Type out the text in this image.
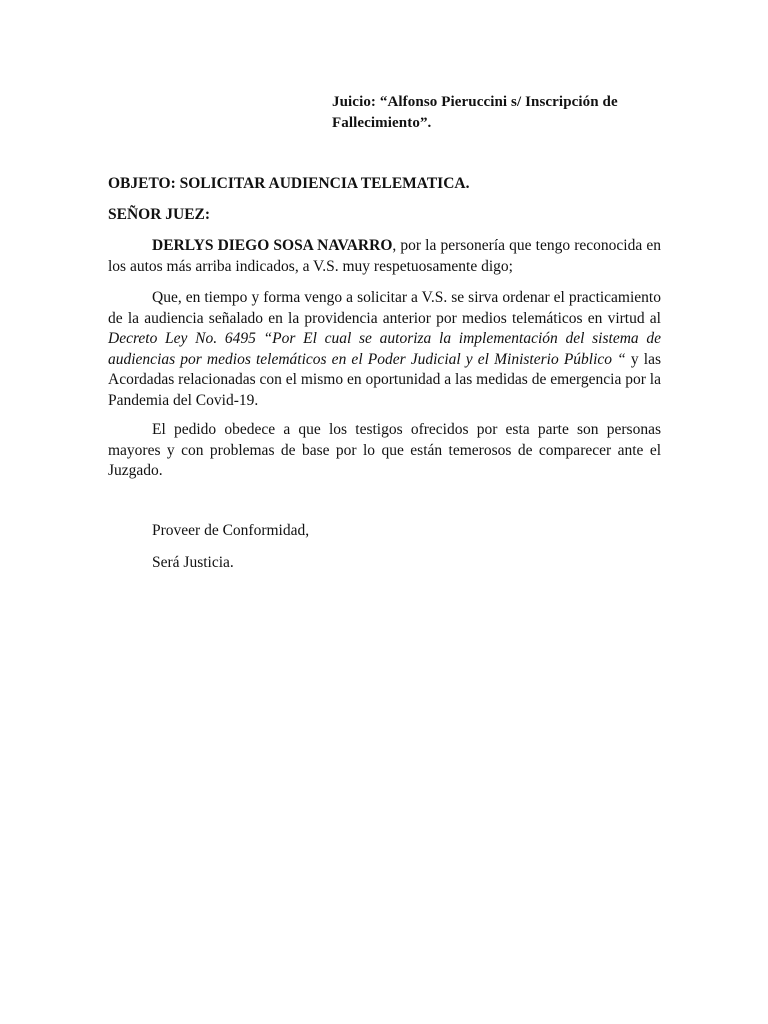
Juicio: “Alfonso Pieruccini s/ Inscripción de Fallecimiento”.
OBJETO: SOLICITAR AUDIENCIA TELEMATICA.
SEÑOR JUEZ:

DERLYS DIEGO SOSA NAVARRO, por la personería que tengo reconocida en los autos más arriba indicados, a V.S. muy respetuosamente digo;

Que, en tiempo y forma vengo a solicitar a V.S. se sirva ordenar el practicamiento de la audiencia señalado en la providencia anterior por medios telemáticos en virtud al Decreto Ley No. 6495 “Por El cual se autoriza la implementación del sistema de audiencias por medios telemáticos en el Poder Judicial y el Ministerio Público “ y las Acordadas relacionadas con el mismo en oportunidad a las medidas de emergencia por la Pandemia del Covid-19.

El pedido obedece a que los testigos ofrecidos por esta parte son personas mayores y con problemas de base por lo que están temerosos de comparecer ante el Juzgado.

Proveer de Conformidad,
Será Justicia.
